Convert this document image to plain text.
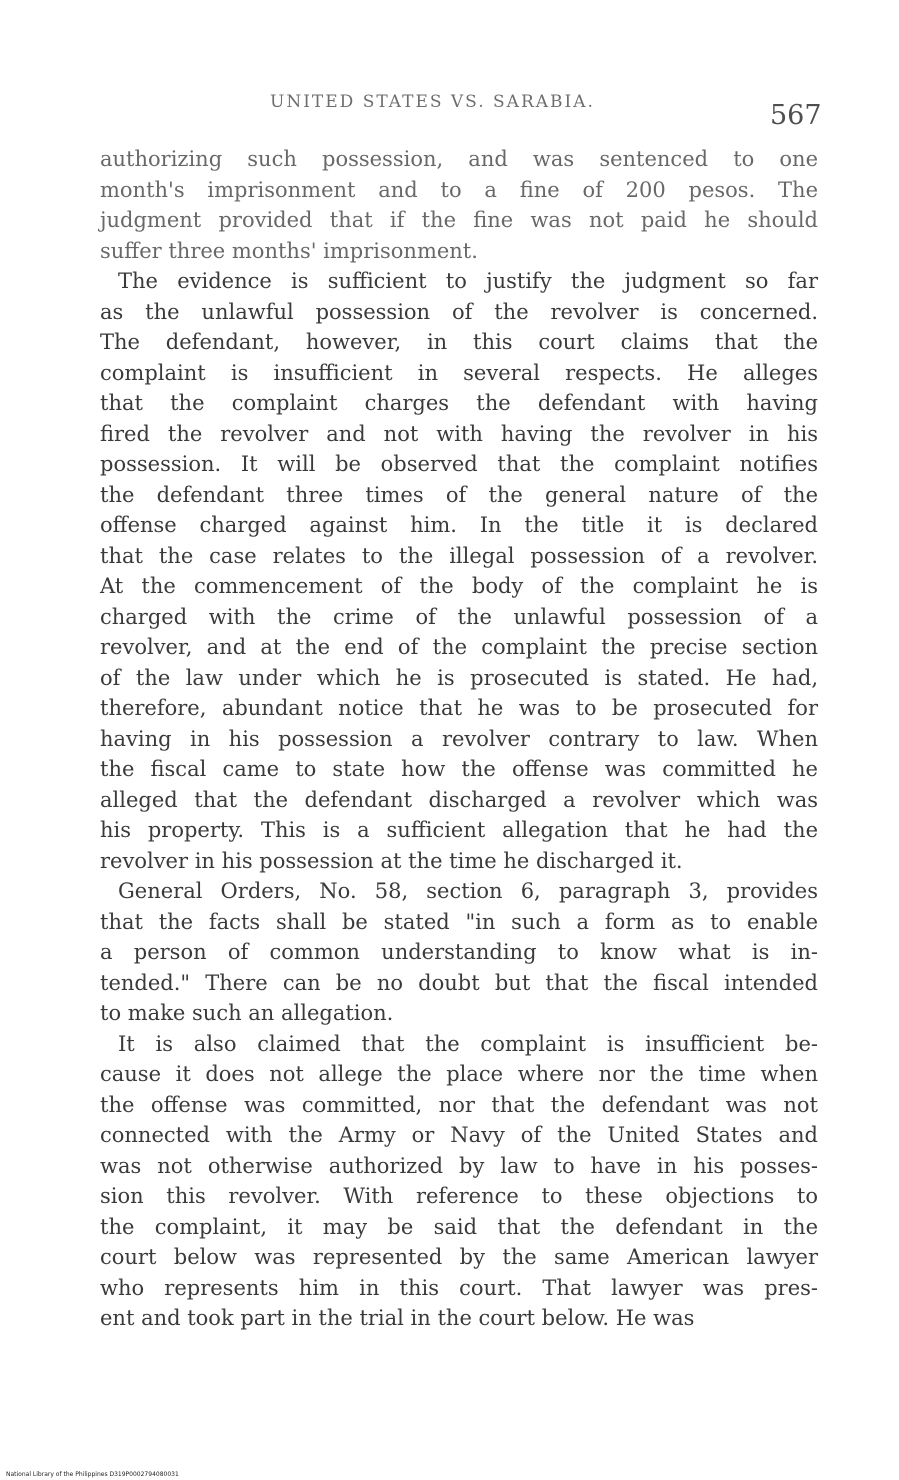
UNITED STATES VS. SARABIA.	567

authorizing such possession, and was sentenced to one
month's imprisonment and to a fine of 200 pesos. The
judgment provided that if the fine was not paid he should
suffer three months' imprisonment.

The evidence is sufficient to justify the judgment so far
as the unlawful possession of the revolver is concerned.
The defendant, however, in this court claims that the
complaint is insufficient in several respects. He alleges
that the complaint charges the defendant with having
fired the revolver and not with having the revolver in his
possession. It will be observed that the complaint notifies
the defendant three times of the general nature of the
offense charged against him. In the title it is declared
that the case relates to the illegal possession of a revolver.
At the commencement of the body of the complaint he is
charged with the crime of the unlawful possession of a
revolver, and at the end of the complaint the precise section
of the law under which he is prosecuted is stated. He had,
therefore, abundant notice that he was to be prosecuted for
having in his possession a revolver contrary to law. When
the fiscal came to state how the offense was committed he
alleged that the defendant discharged a revolver which was
his property. This is a sufficient allegation that he had the
revolver in his possession at the time he discharged it.

General Orders, No. 58, section 6, paragraph 3, provides
that the facts shall be stated "in such a form as to enable
a person of common understanding to know what is in-
tended." There can be no doubt but that the fiscal intended
to make such an allegation.

It is also claimed that the complaint is insufficient be-
cause it does not allege the place where nor the time when
the offense was committed, nor that the defendant was not
connected with the Army or Navy of the United States and
was not otherwise authorized by law to have in his posses-
sion this revolver. With reference to these objections to
the complaint, it may be said that the defendant in the
court below was represented by the same American lawyer
who represents him in this court. That lawyer was pres-
ent and took part in the trial in the court below. He was

National Library of the Philippines D319P0002794080031
